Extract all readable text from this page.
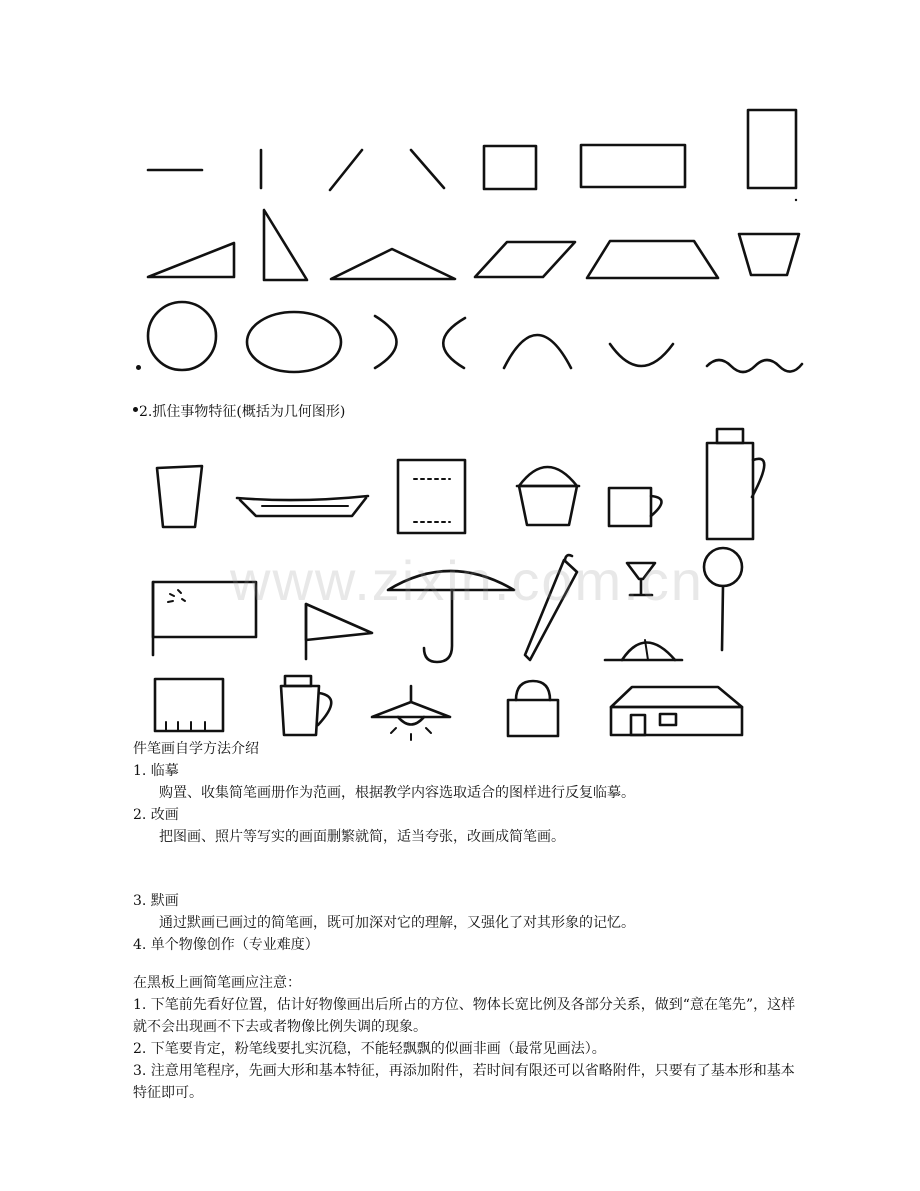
2.抓住事物特征(概括为几何图形)
www.zixin.com.cn

件笔画自学方法介绍

1. 临摹

购置、收集简笔画册作为范画，根据教学内容选取适合的图样进行反复临摹。

2. 改画

把图画、照片等写实的画面删繁就简，适当夸张，改画成简笔画。

3. 默画

通过默画已画过的简笔画，既可加深对它的理解，又强化了对其形象的记忆。

4. 单个物像创作（专业难度）

在黑板上画简笔画应注意：

1. 下笔前先看好位置，估计好物像画出后所占的方位、物体长宽比例及各部分关系，做到“意在笔先”，这样就不会出现画不下去或者物像比例失调的现象。

2. 下笔要肯定，粉笔线要扎实沉稳，不能轻飘飘的似画非画（最常见画法）。

3. 注意用笔程序，先画大形和基本特征，再添加附件，若时间有限还可以省略附件，只要有了基本形和基本特征即可。
